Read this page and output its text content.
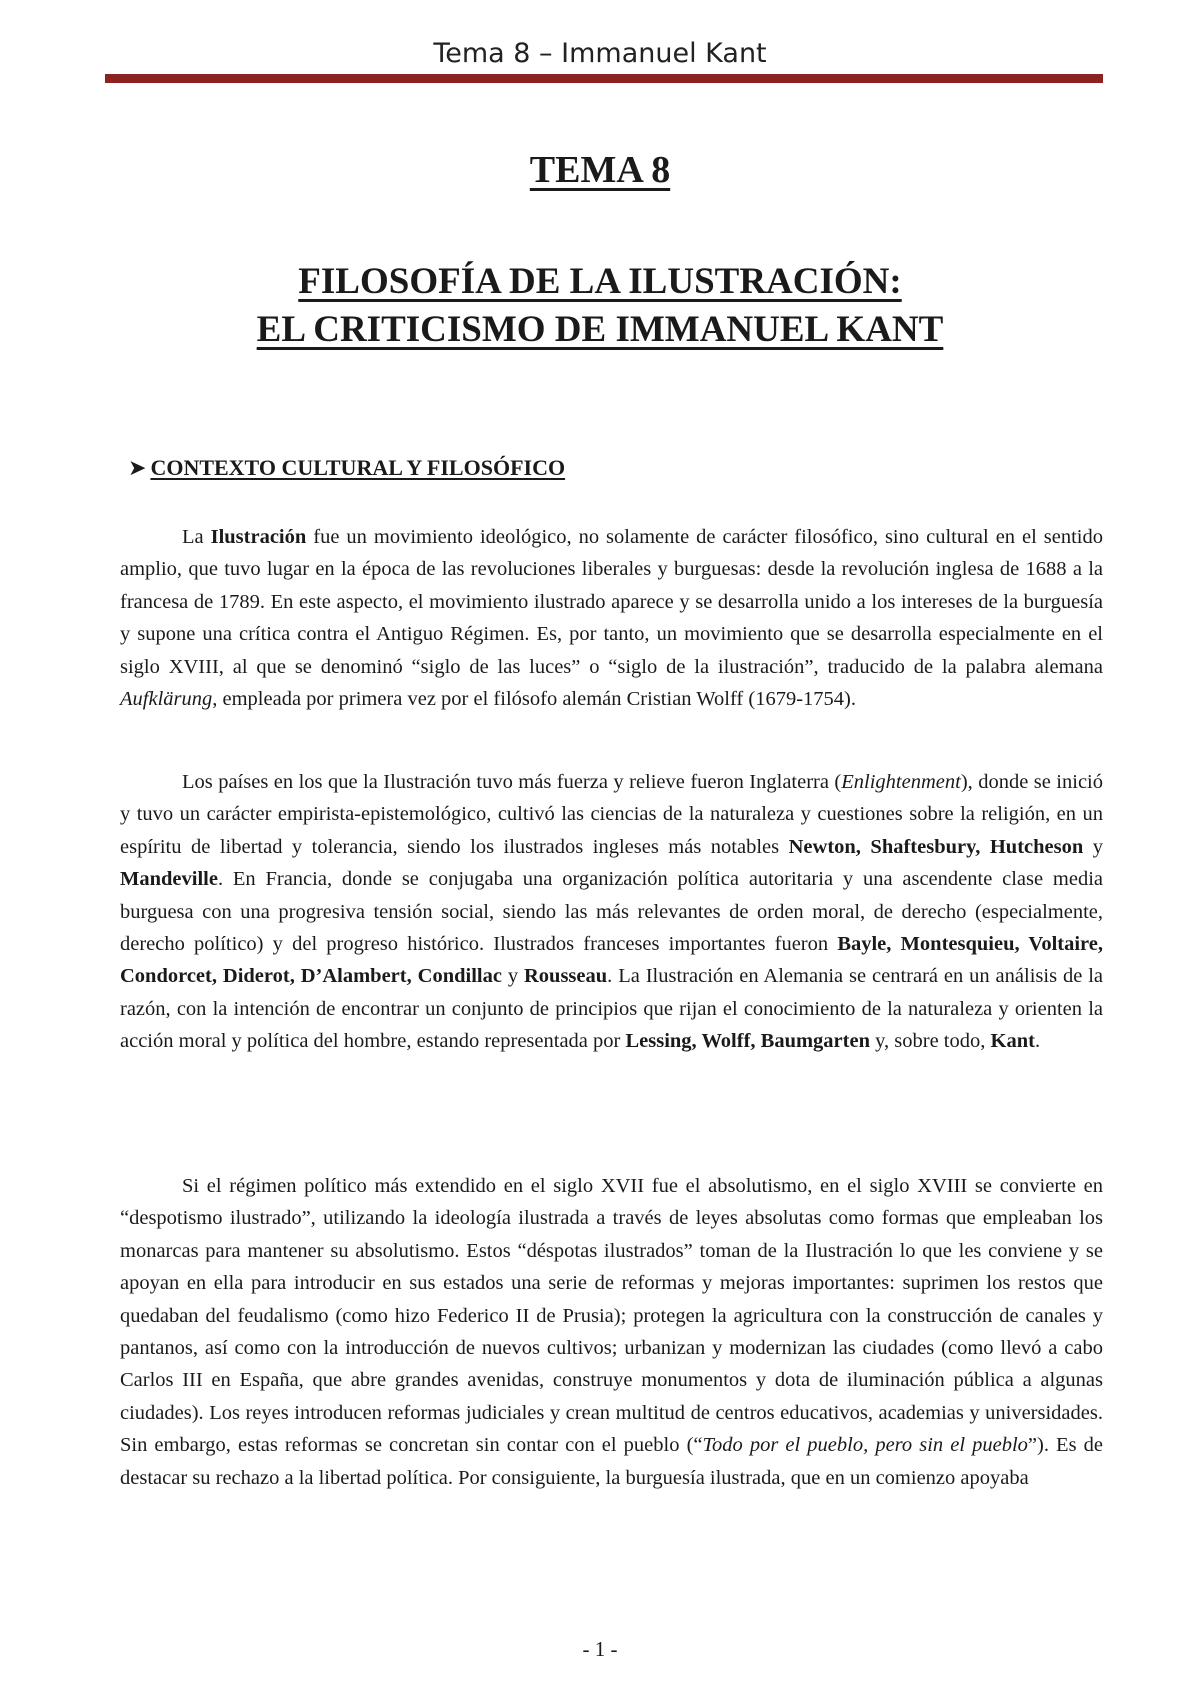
Tema 8 – Immanuel Kant
TEMA 8
FILOSOFÍA DE LA ILUSTRACIÓN:
EL CRITICISMO DE IMMANUEL KANT
➤ CONTEXTO CULTURAL Y FILOSÓFICO

La Ilustración fue un movimiento ideológico, no solamente de carácter filosófico, sino cultural en el sentido amplio, que tuvo lugar en la época de las revoluciones liberales y burguesas: desde la revolución inglesa de 1688 a la francesa de 1789. En este aspecto, el movimiento ilustrado aparece y se desarrolla unido a los intereses de la burguesía y supone una crítica contra el Antiguo Régimen. Es, por tanto, un movimiento que se desarrolla especialmente en el siglo XVIII, al que se denominó “siglo de las luces” o “siglo de la ilustración”, traducido de la palabra alemana Aufklärung, empleada por primera vez por el filósofo alemán Cristian Wolff (1679-1754).

Los países en los que la Ilustración tuvo más fuerza y relieve fueron Inglaterra (Enlightenment), donde se inició y tuvo un carácter empirista-epistemológico, cultivó las ciencias de la naturaleza y cuestiones sobre la religión, en un espíritu de libertad y tolerancia, siendo los ilustrados ingleses más notables Newton, Shaftesbury, Hutcheson y Mandeville. En Francia, donde se conjugaba una organización política autoritaria y una ascendente clase media burguesa con una progresiva tensión social, siendo las más relevantes de orden moral, de derecho (especialmente, derecho político) y del progreso histórico. Ilustrados franceses importantes fueron Bayle, Montesquieu, Voltaire, Condorcet, Diderot, D’Alambert, Condillac y Rousseau. La Ilustración en Alemania se centrará en un análisis de la razón, con la intención de encontrar un conjunto de principios que rijan el conocimiento de la naturaleza y orienten la acción moral y política del hombre, estando representada por Lessing, Wolff, Baumgarten y, sobre todo, Kant.

Si el régimen político más extendido en el siglo XVII fue el absolutismo, en el siglo XVIII se convierte en “despotismo ilustrado”, utilizando la ideología ilustrada a través de leyes absolutas como formas que empleaban los monarcas para mantener su absolutismo. Estos “déspotas ilustrados” toman de la Ilustración lo que les conviene y se apoyan en ella para introducir en sus estados una serie de reformas y mejoras importantes: suprimen los restos que quedaban del feudalismo (como hizo Federico II de Prusia); protegen la agricultura con la construcción de canales y pantanos, así como con la introducción de nuevos cultivos; urbanizan y modernizan las ciudades (como llevó a cabo Carlos III en España, que abre grandes avenidas, construye monumentos y dota de iluminación pública a algunas ciudades). Los reyes introducen reformas judiciales y crean multitud de centros educativos, academias y universidades. Sin embargo, estas reformas se concretan sin contar con el pueblo (“Todo por el pueblo, pero sin el pueblo”). Es de destacar su rechazo a la libertad política. Por consiguiente, la burguesía ilustrada, que en un comienzo apoyaba

- 1 -
